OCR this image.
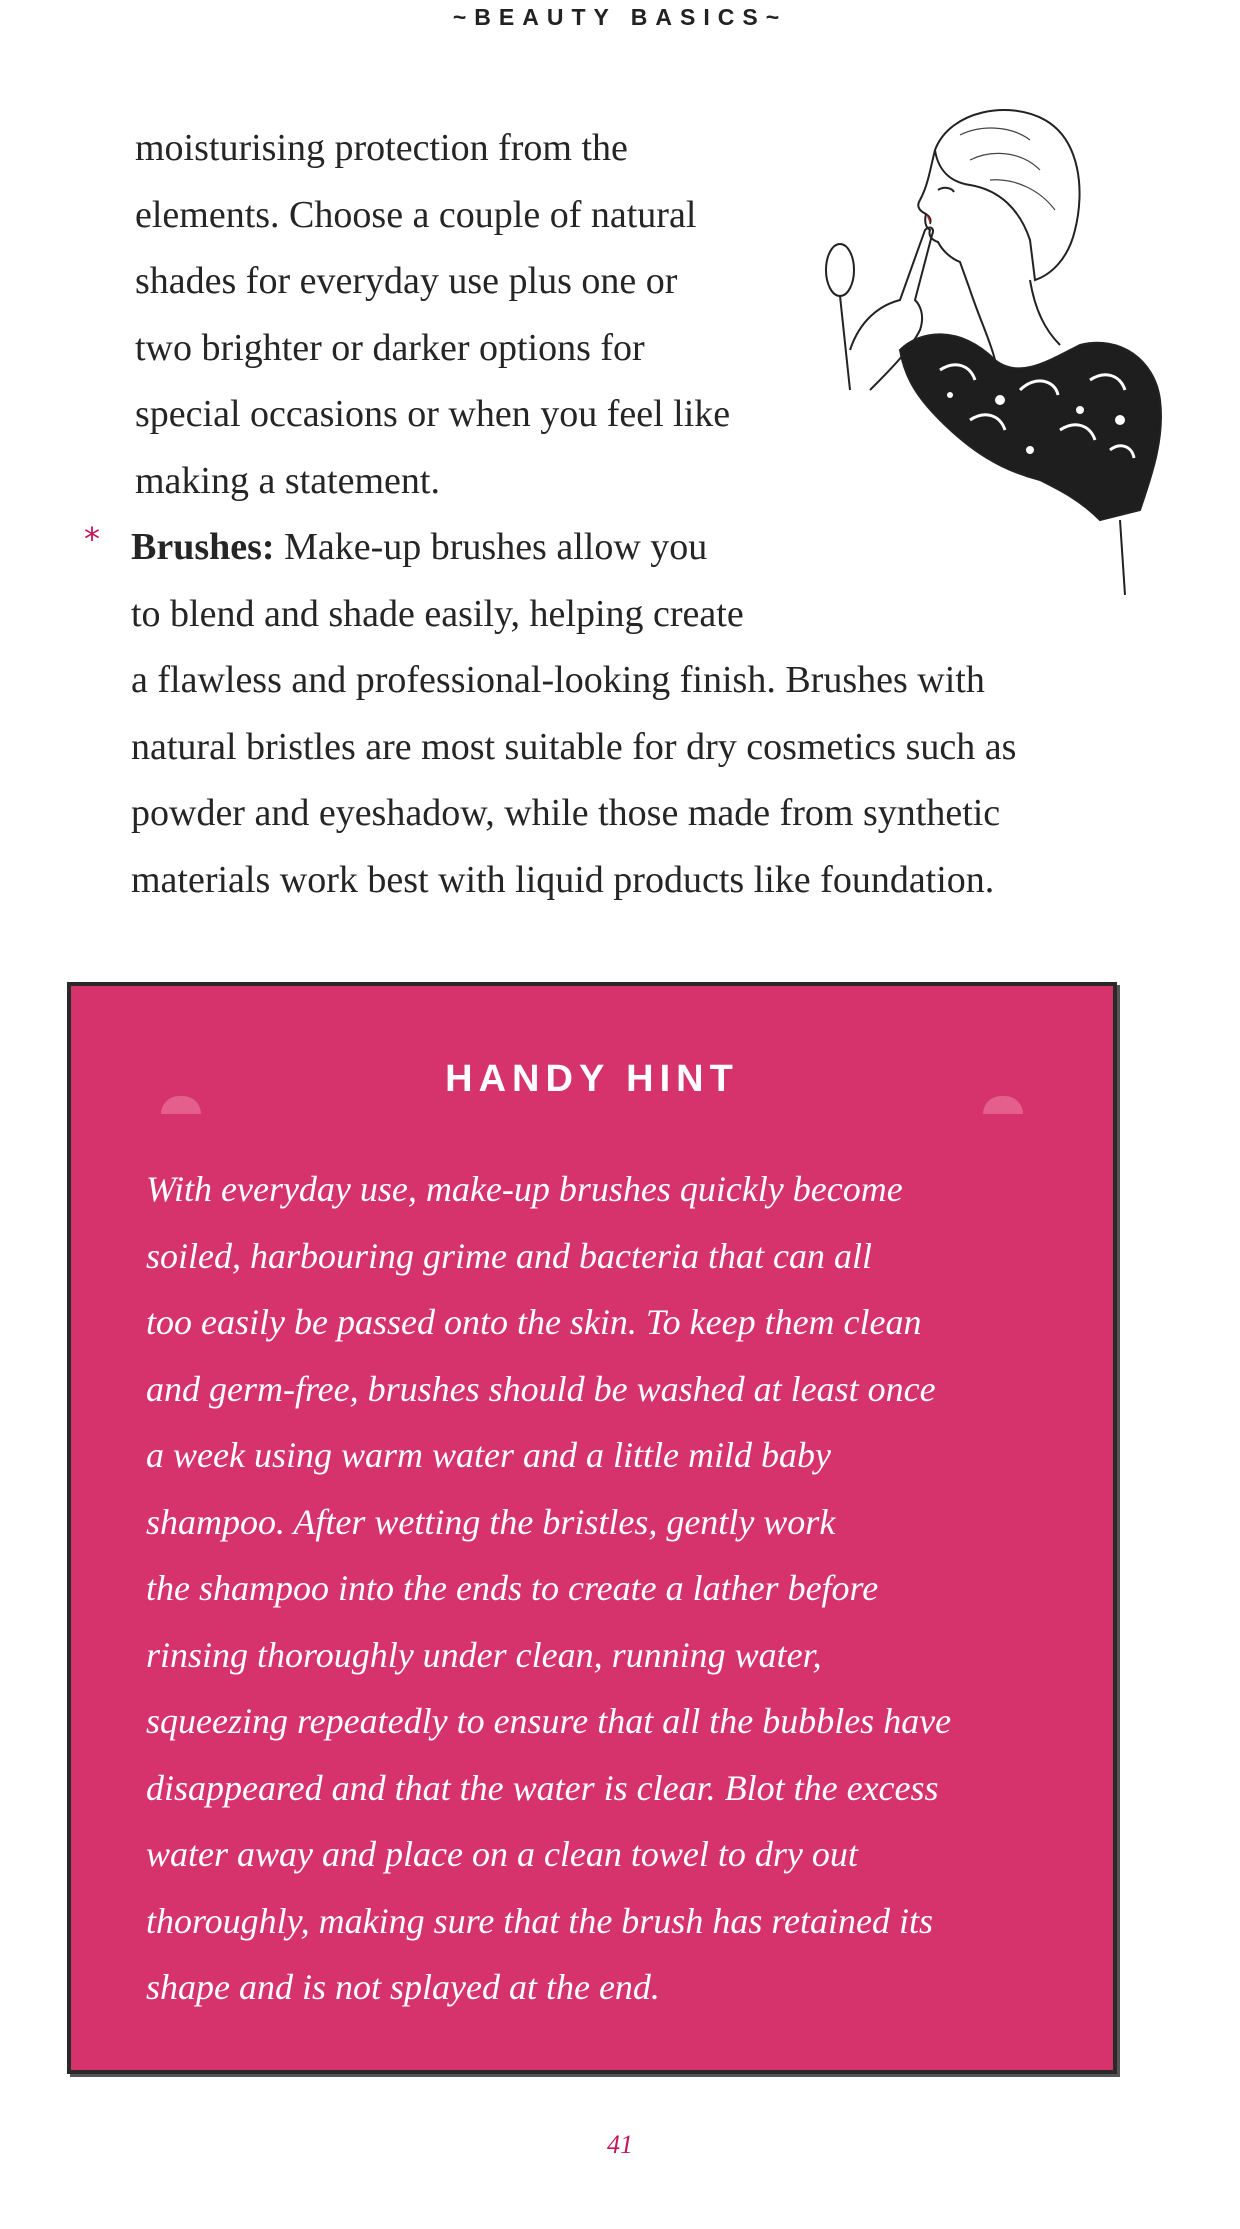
~BEAUTY BASICS~
moisturising protection from the
elements. Choose a couple of natural
shades for everyday use plus one or
two brighter or darker options for
special occasions or when you feel like
making a statement.
* Brushes: Make-up brushes allow you
to blend and shade easily, helping create
a flawless and professional-looking finish. Brushes with
natural bristles are most suitable for dry cosmetics such as
powder and eyeshadow, while those made from synthetic
materials work best with liquid products like foundation.
HANDY HINT
With everyday use, make-up brushes quickly become
soiled, harbouring grime and bacteria that can all
too easily be passed onto the skin. To keep them clean
and germ-free, brushes should be washed at least once
a week using warm water and a little mild baby
shampoo. After wetting the bristles, gently work
the shampoo into the ends to create a lather before
rinsing thoroughly under clean, running water,
squeezing repeatedly to ensure that all the bubbles have
disappeared and that the water is clear. Blot the excess
water away and place on a clean towel to dry out
thoroughly, making sure that the brush has retained its
shape and is not splayed at the end.
41
